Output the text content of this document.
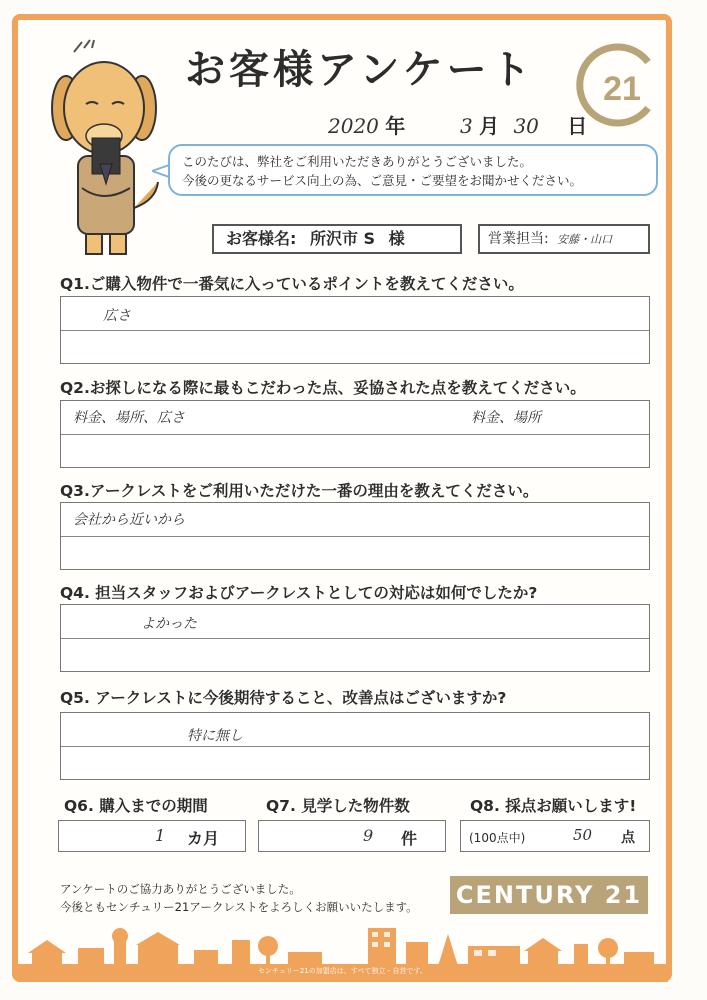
お客様アンケート
2020 年	3 月 30 日
21
このたびは、弊社をご利用いただきありがとうございました。
今後の更なるサービス向上の為、ご意見・ご要望をお聞かせください。
お客様名: 所沢市 S 様	営業担当: 安藤・山口
Q1.ご購入物件で一番気に入っているポイントを教えてください。
広さ
Q2.お探しになる際に最もこだわった点、妥協された点を教えてください。
料金、場所、広さ	料金、場所
Q3.アークレストをご利用いただけた一番の理由を教えてください。
会社から近いから
Q4. 担当スタッフおよびアークレストとしての対応は如何でしたか?
よかった
Q5. アークレストに今後期待すること、改善点はございますか?
特に無し
Q6. 購入までの期間
1 カ月
Q7. 見学した物件数
9 件
Q8. 採点お願いします!
(100点中)	50 点
アンケートのご協力ありがとうございました。
今後ともセンチュリー21アークレストをよろしくお願いいたします。 CENTURY 21
センチュリー21の加盟店は、すべて独立・自営です。
